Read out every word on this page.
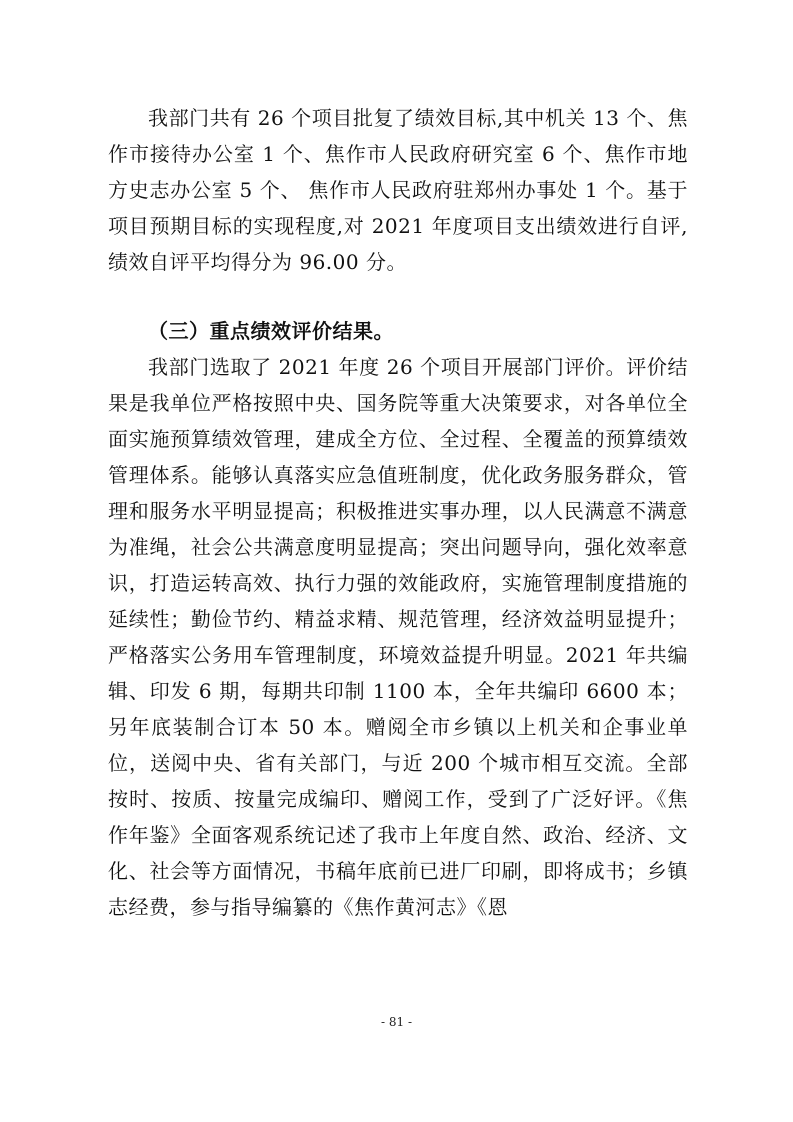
我部门共有 26 个项目批复了绩效目标,其中机关 13 个、焦作市接待办公室 1 个、焦作市人民政府研究室 6 个、焦作市地方史志办公室 5 个、 焦作市人民政府驻郑州办事处 1 个。基于项目预期目标的实现程度,对 2021 年度项目支出绩效进行自评,绩效自评平均得分为 96.00 分。

（三）重点绩效评价结果。

我部门选取了 2021 年度 26 个项目开展部门评价。评价结果是我单位严格按照中央、国务院等重大决策要求，对各单位全面实施预算绩效管理，建成全方位、全过程、全覆盖的预算绩效管理体系。能够认真落实应急值班制度，优化政务服务群众，管理和服务水平明显提高；积极推进实事办理，以人民满意不满意为准绳，社会公共满意度明显提高；突出问题导向，强化效率意识，打造运转高效、执行力强的效能政府，实施管理制度措施的延续性；勤俭节约、精益求精、规范管理，经济效益明显提升；严格落实公务用车管理制度，环境效益提升明显。2021 年共编辑、印发 6 期，每期共印制 1100 本，全年共编印 6600 本；另年底装制合订本 50 本。赠阅全市乡镇以上机关和企事业单位，送阅中央、省有关部门，与近 200 个城市相互交流。全部按时、按质、按量完成编印、赠阅工作，受到了广泛好评。《焦作年鉴》全面客观系统记述了我市上年度自然、政治、经济、文化、社会等方面情况，书稿年底前已进厂印刷，即将成书；乡镇志经费，参与指导编纂的《焦作黄河志》《恩

- 81 -
